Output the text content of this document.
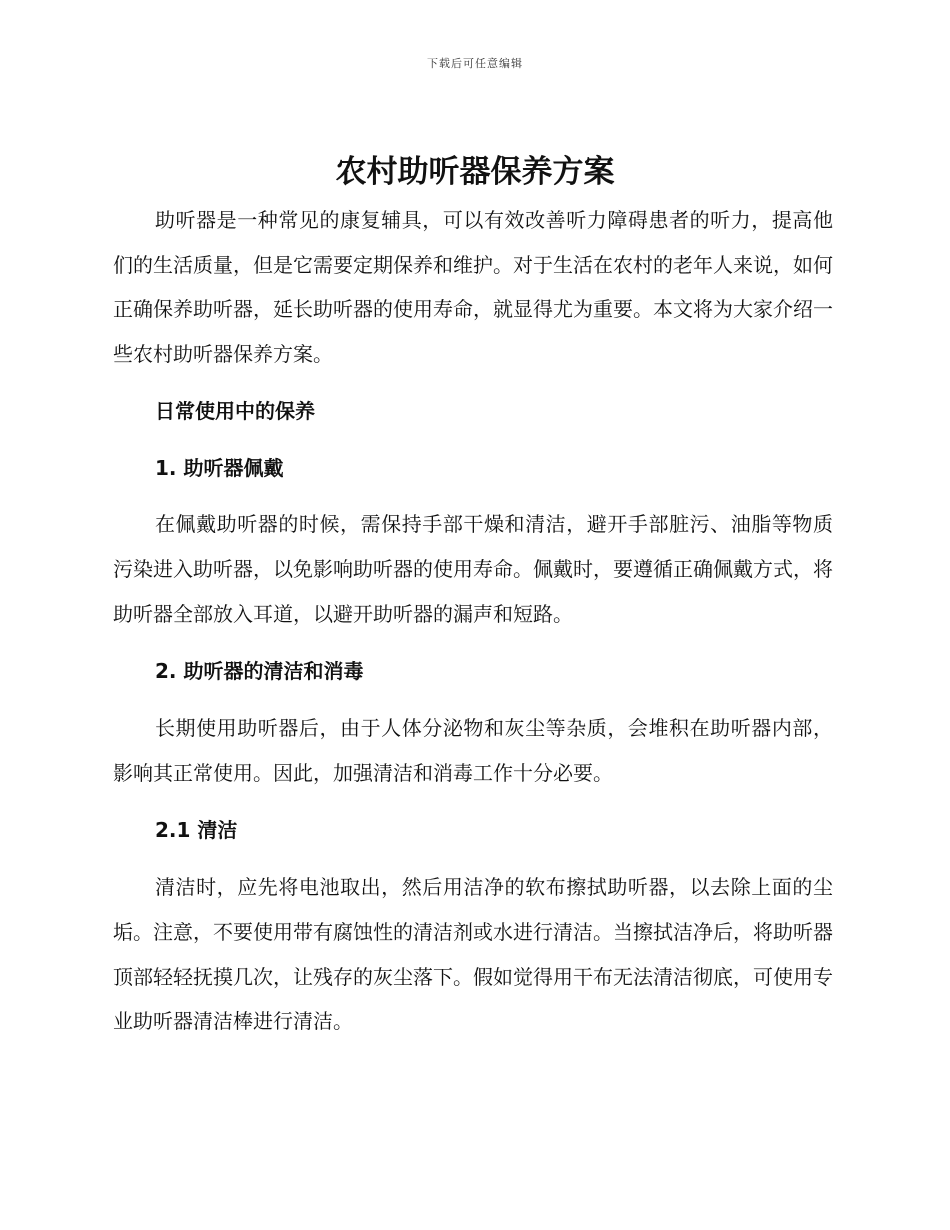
下载后可任意编辑
农村助听器保养方案

助听器是一种常见的康复辅具，可以有效改善听力障碍患者的听力，提高他们的生活质量，但是它需要定期保养和维护。对于生活在农村的老年人来说，如何正确保养助听器，延长助听器的使用寿命，就显得尤为重要。本文将为大家介绍一些农村助听器保养方案。

日常使用中的保养
1. 助听器佩戴

在佩戴助听器的时候，需保持手部干燥和清洁，避开手部脏污、油脂等物质污染进入助听器，以免影响助听器的使用寿命。佩戴时，要遵循正确佩戴方式，将助听器全部放入耳道，以避开助听器的漏声和短路。

2. 助听器的清洁和消毒

长期使用助听器后，由于人体分泌物和灰尘等杂质，会堆积在助听器内部，影响其正常使用。因此，加强清洁和消毒工作十分必要。

2.1 清洁

清洁时，应先将电池取出，然后用洁净的软布擦拭助听器，以去除上面的尘垢。注意，不要使用带有腐蚀性的清洁剂或水进行清洁。当擦拭洁净后，将助听器顶部轻轻抚摸几次，让残存的灰尘落下。假如觉得用干布无法清洁彻底，可使用专业助听器清洁棒进行清洁。
